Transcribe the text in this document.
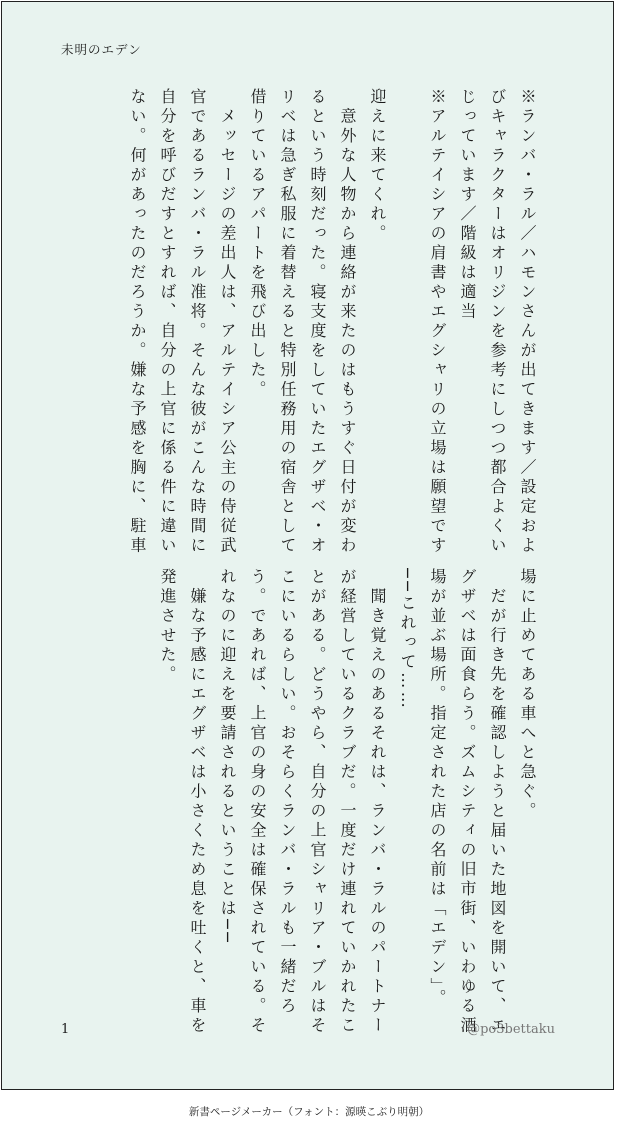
未明のエデン

※ランバ・ラル／ハモンさんが出てきます／設定およびキャラクターはオリジンを参考にしつつ都合よくいじっています／階級は適当

※アルテイシアの肩書やエグシャリの立場は願望です

迎えに来てくれ。

　意外な人物から連絡が来たのはもうすぐ日付が変わるという時刻だった。寝支度をしていたエグザベ・オリベは急ぎ私服に着替えると特別任務用の宿舎として借りているアパートを飛び出した。

　メッセージの差出人は、アルテイシア公主の侍従武官であるランバ・ラル准将。そんな彼がこんな時間に自分を呼びだすとすれば、自分の上官に係る件に違いない。何があったのだろうか。嫌な予感を胸に、駐車

場に止めてある車へと急ぐ。

　だが行き先を確認しようと届いた地図を開いて、エグザベは面食らう。ズムシティの旧市街、いわゆる酒場が並ぶ場所。指定された店の名前は「エデン」。

──これって……

　聞き覚えのあるそれは、ランバ・ラルのパートナーが経営しているクラブだ。一度だけ連れていかれたことがある。どうやら、自分の上官シャリア・ブルはそこにいるらしい。おそらくランバ・ラルも一緒だろう。であれば、上官の身の安全は確保されている。それなのに迎えを要請されるということは──

　嫌な予感にエグザベは小さくため息を吐くと、車を発進させた。

1	@po3bettaku
新書ページメーカー（フォント：源暎こぶり明朝）
